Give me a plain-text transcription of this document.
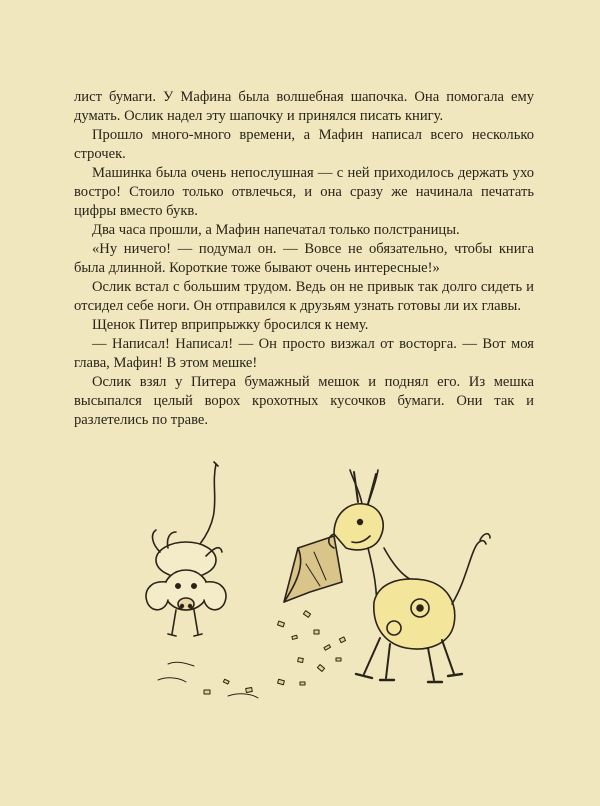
лист бумаги. У Мафина была волшебная шапочка. Она помогала ему думать. Ослик надел эту шапочку и принялся писать книгу.

Прошло много-много времени, а Мафин написал всего несколько строчек.

Машинка была очень непослушная — с ней приходилось держать ухо востро! Стоило только отвлечься, и она сразу же начинала печатать цифры вместо букв.

Два часа прошли, а Мафин напечатал только полстраницы.

«Ну ничего! — подумал он. — Вовсе не обязательно, чтобы книга была длинной. Короткие тоже бывают очень интересные!»

Ослик встал с большим трудом. Ведь он не привык так долго сидеть и отсидел себе ноги. Он отправился к друзьям узнать готовы ли их главы.

Щенок Питер вприпрыжку бросился к нему.

— Написал! Написал! — Он просто визжал от восторга. — Вот моя глава, Мафин! В этом мешке!

Ослик взял у Питера бумажный мешок и поднял его. Из мешка высыпался целый ворох крохотных кусочков бумаги. Они так и разлетелись по траве.
